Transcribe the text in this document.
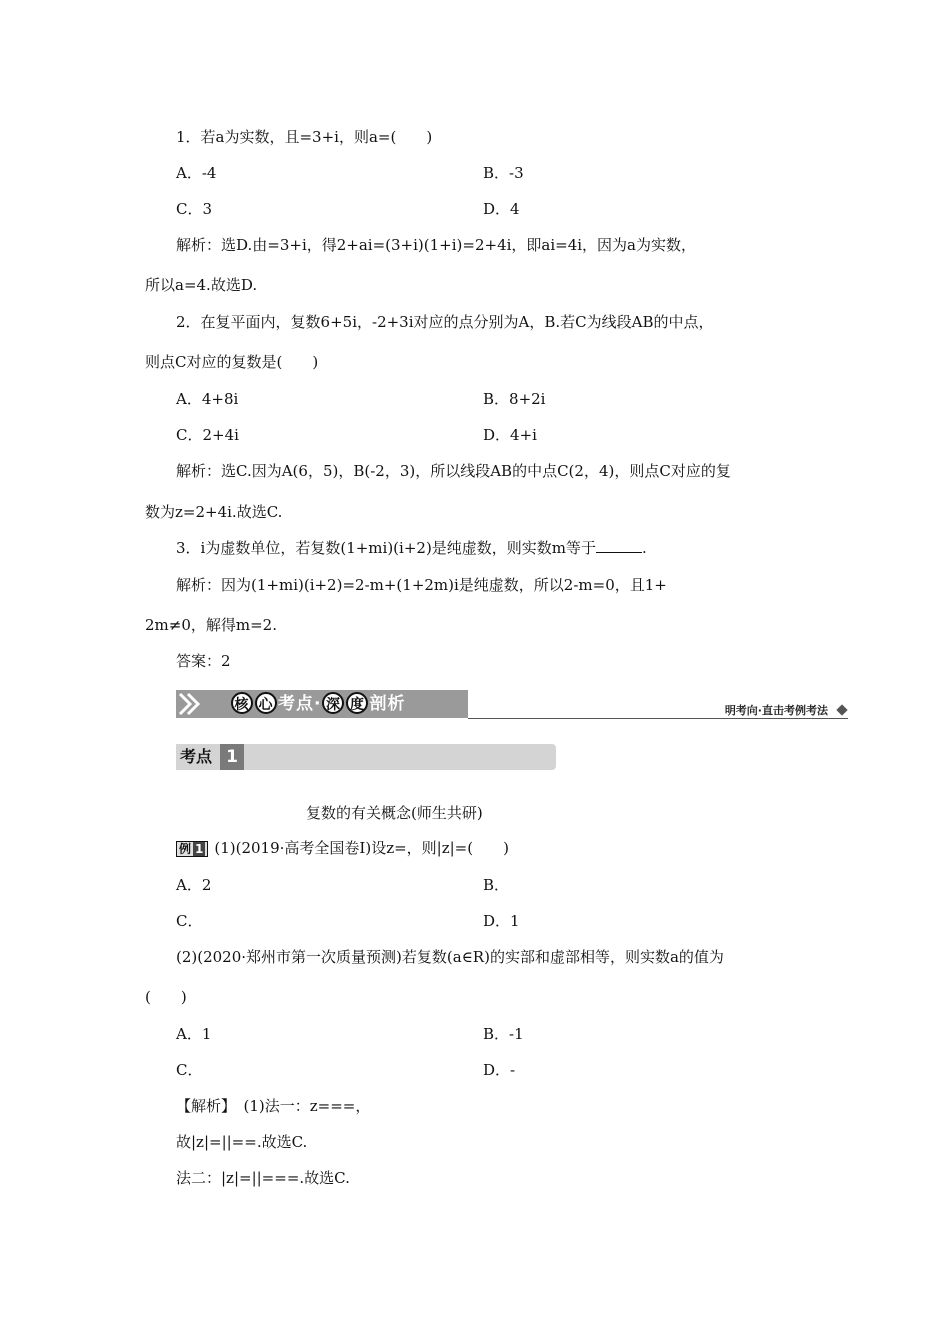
1．若a为实数，且=3+i，则a=(　　)
A．-4	B．-3
C．3	D．4
解析：选D.由=3+i，得2+ai=(3+i)(1+i)=2+4i，即ai=4i，因为a为实数，
所以a=4.故选D.
2．在复平面内，复数6+5i，-2+3i对应的点分别为A，B.若C为线段AB的中点，
则点C对应的复数是(　　)
A．4+8i	B．8+2i
C．2+4i	D．4+i
解析：选C.因为A(6，5)，B(-2，3)，所以线段AB的中点C(2，4)，则点C对应的复
数为z=2+4i.故选C.
3．i为虚数单位，若复数(1+mi)(i+2)是纯虚数，则实数m等于	.
解析：因为(1+mi)(i+2)=2-m+(1+2m)i是纯虚数，所以2-m=0，且1+
2m≠0，解得m=2.
答案：2
核 心 考点· 深 度 剖析	明考向·直击考例考法
考点 1
复数的有关概念(师生共研)
例 1 (1)(2019·高考全国卷Ⅰ)设z=，则|z|=(　　)
A．2	B．
C．	D．1
(2)(2020·郑州市第一次质量预测)若复数(a∈R)的实部和虚部相等，则实数a的值为
(　　)
A．1	B．-1
C．	D．-
【解析】　(1)法一：z===，
故|z|=||==.故选C.
法二：|z|=||===.故选C.
